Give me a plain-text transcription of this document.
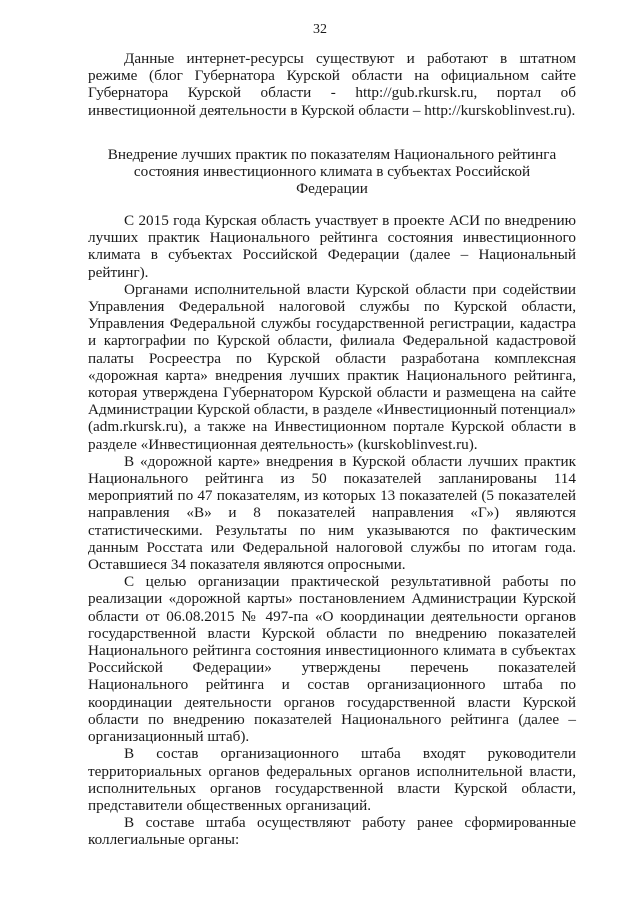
32

Данные интернет-ресурсы существуют и работают в штатном режиме (блог Губернатора Курской области на официальном сайте Губернатора Курской области - http://gub.rkursk.ru, портал об инвестиционной деятельности в Курской области – http://kurskoblinvest.ru).

Внедрение лучших практик по показателям Национального рейтинга состояния инвестиционного климата в субъектах Российской Федерации

С 2015 года Курская область участвует в проекте АСИ по внедрению лучших практик Национального рейтинга состояния инвестиционного климата в субъектах Российской Федерации (далее – Национальный рейтинг).

Органами исполнительной власти Курской области при содействии Управления Федеральной налоговой службы по Курской области, Управления Федеральной службы государственной регистрации, кадастра и картографии по Курской области, филиала Федеральной кадастровой палаты Росреестра по Курской области разработана комплексная «дорожная карта» внедрения лучших практик Национального рейтинга, которая утверждена Губернатором Курской области и размещена на сайте Администрации Курской области, в разделе «Инвестиционный потенциал» (adm.rkursk.ru), а также на Инвестиционном портале Курской области в разделе «Инвестиционная деятельность» (kurskoblinvest.ru).

В «дорожной карте» внедрения в Курской области лучших практик Национального рейтинга из 50 показателей запланированы 114 мероприятий по 47 показателям, из которых 13 показателей (5 показателей направления «В» и 8 показателей направления «Г») являются статистическими. Результаты по ним указываются по фактическим данным Росстата или Федеральной налоговой службы по итогам года. Оставшиеся 34 показателя являются опросными.

С целью организации практической результативной работы по реализации «дорожной карты» постановлением Администрации Курской области от 06.08.2015 № 497-па «О координации деятельности органов государственной власти Курской области по внедрению показателей Национального рейтинга состояния инвестиционного климата в субъектах Российской Федерации» утверждены перечень показателей Национального рейтинга и состав организационного штаба по координации деятельности органов государственной власти Курской области по внедрению показателей Национального рейтинга (далее – организационный штаб).

В состав организационного штаба входят руководители территориальных органов федеральных органов исполнительной власти, исполнительных органов государственной власти Курской области, представители общественных организаций.

В составе штаба осуществляют работу ранее сформированные коллегиальные органы:
